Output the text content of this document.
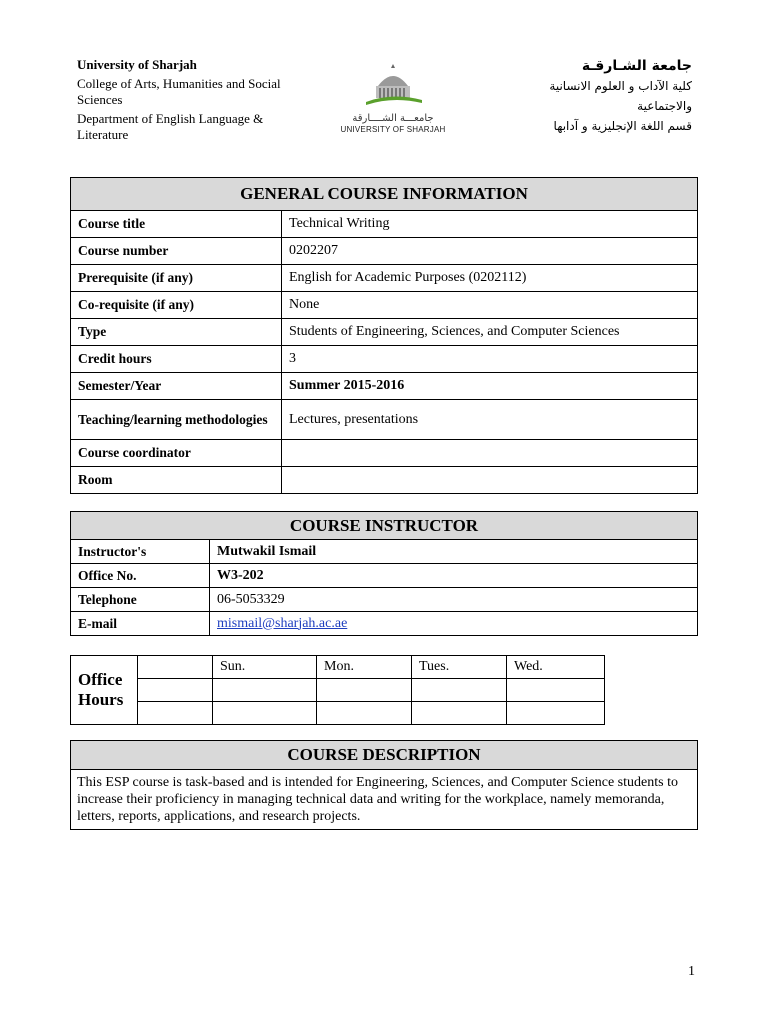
University of Sharjah
College of Arts, Humanities and Social Sciences
Department of English Language & Literature
جامعـــة الشــــارقة
UNIVERSITY OF SHARJAH
جامعة الشـارقـة
كلية الآداب و العلوم الانسانية
والاجتماعية
قسم اللغة الإنجليزية و آدابها
GENERAL COURSE INFORMATION	
Course title	Technical Writing
Course number	0202207
Prerequisite (if any)	English for Academic Purposes (0202112)
Co-requisite (if any)	None
Type	Students of Engineering, Sciences, and Computer Sciences
Credit hours	3
Semester/Year	Summer 2015-2016
Teaching/learning methodologies	Lectures, presentations
Course coordinator	
Room	
COURSE INSTRUCTOR	
Instructor's	Mutwakil Ismail
Office No.	W3-202
Telephone	06-5053329
E-mail	mismail@sharjah.ac.ae
Office Hours		Sun.	Mon.	Tues.	Wed.

COURSE DESCRIPTION
This ESP course is task-based and is intended for Engineering, Sciences, and Computer Science students to increase their proficiency in managing technical data and writing for the workplace, namely memoranda, letters, reports, applications, and research projects.
1
